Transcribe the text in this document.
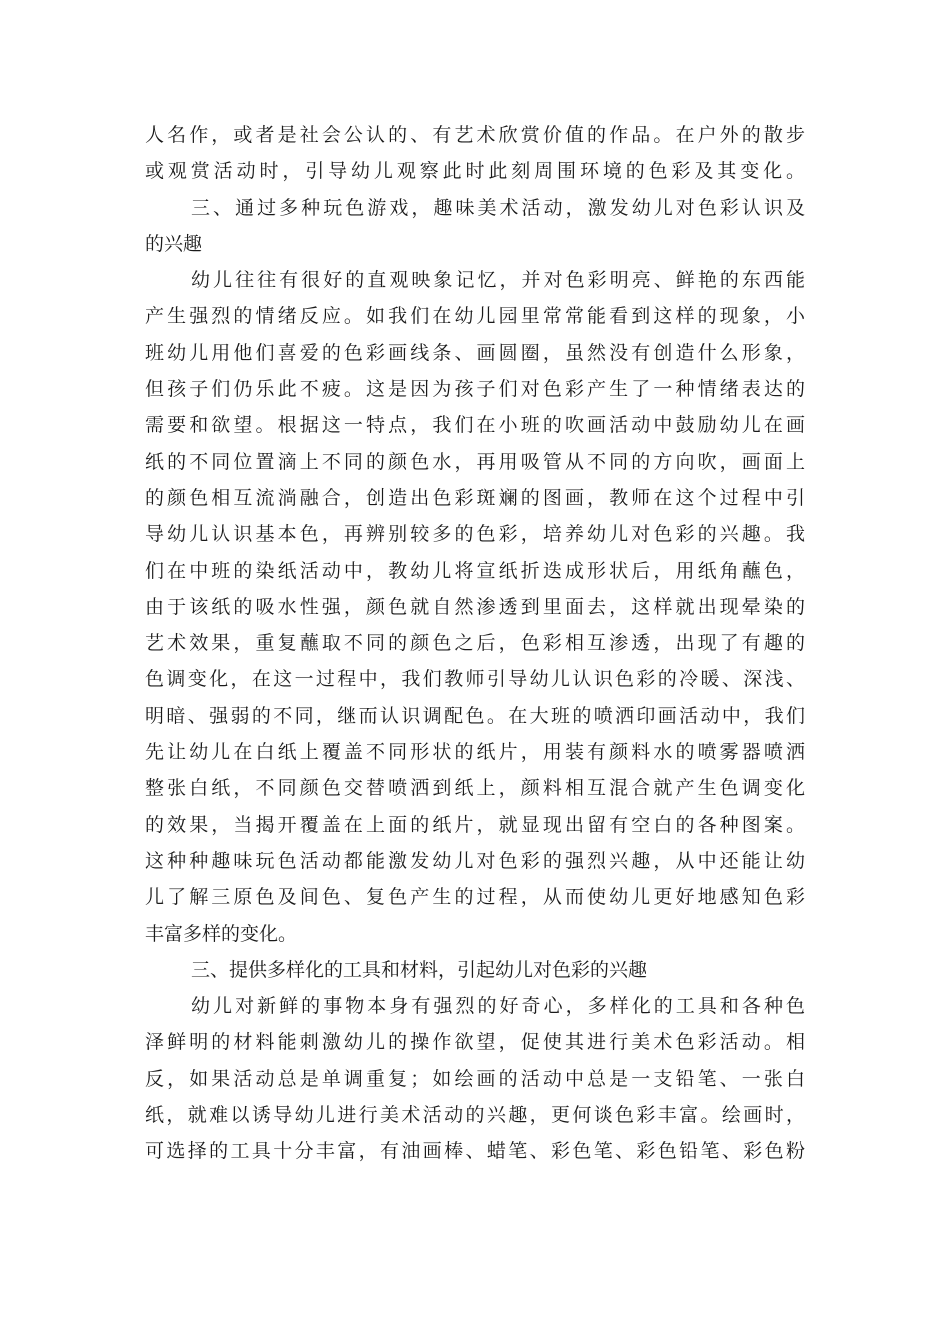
人名作，或者是社会公认的、有艺术欣赏价值的作品。在户外的散步
或观赏活动时，引导幼儿观察此时此刻周围环境的色彩及其变化。
三、通过多种玩色游戏，趣味美术活动，激发幼儿对色彩认识及
的兴趣
幼儿往往有很好的直观映象记忆，并对色彩明亮、鲜艳的东西能
产生强烈的情绪反应。如我们在幼儿园里常常能看到这样的现象，小
班幼儿用他们喜爱的色彩画线条、画圆圈，虽然没有创造什么形象，
但孩子们仍乐此不疲。这是因为孩子们对色彩产生了一种情绪表达的
需要和欲望。根据这一特点，我们在小班的吹画活动中鼓励幼儿在画
纸的不同位置滴上不同的颜色水，再用吸管从不同的方向吹，画面上
的颜色相互流淌融合，创造出色彩斑斓的图画，教师在这个过程中引
导幼儿认识基本色，再辨别较多的色彩，培养幼儿对色彩的兴趣。我
们在中班的染纸活动中，教幼儿将宣纸折迭成形状后，用纸角蘸色，
由于该纸的吸水性强，颜色就自然渗透到里面去，这样就出现晕染的
艺术效果，重复蘸取不同的颜色之后，色彩相互渗透，出现了有趣的
色调变化，在这一过程中，我们教师引导幼儿认识色彩的冷暖、深浅、
明暗、强弱的不同，继而认识调配色。在大班的喷洒印画活动中，我们
先让幼儿在白纸上覆盖不同形状的纸片，用装有颜料水的喷雾器喷洒
整张白纸，不同颜色交替喷洒到纸上，颜料相互混合就产生色调变化
的效果，当揭开覆盖在上面的纸片，就显现出留有空白的各种图案。
这种种趣味玩色活动都能激发幼儿对色彩的强烈兴趣，从中还能让幼
儿了解三原色及间色、复色产生的过程，从而使幼儿更好地感知色彩
丰富多样的变化。
三、提供多样化的工具和材料，引起幼儿对色彩的兴趣
幼儿对新鲜的事物本身有强烈的好奇心，多样化的工具和各种色
泽鲜明的材料能刺激幼儿的操作欲望，促使其进行美术色彩活动。相
反，如果活动总是单调重复；如绘画的活动中总是一支铅笔、一张白
纸，就难以诱导幼儿进行美术活动的兴趣，更何谈色彩丰富。绘画时，
可选择的工具十分丰富，有油画棒、蜡笔、彩色笔、彩色铅笔、彩色粉
